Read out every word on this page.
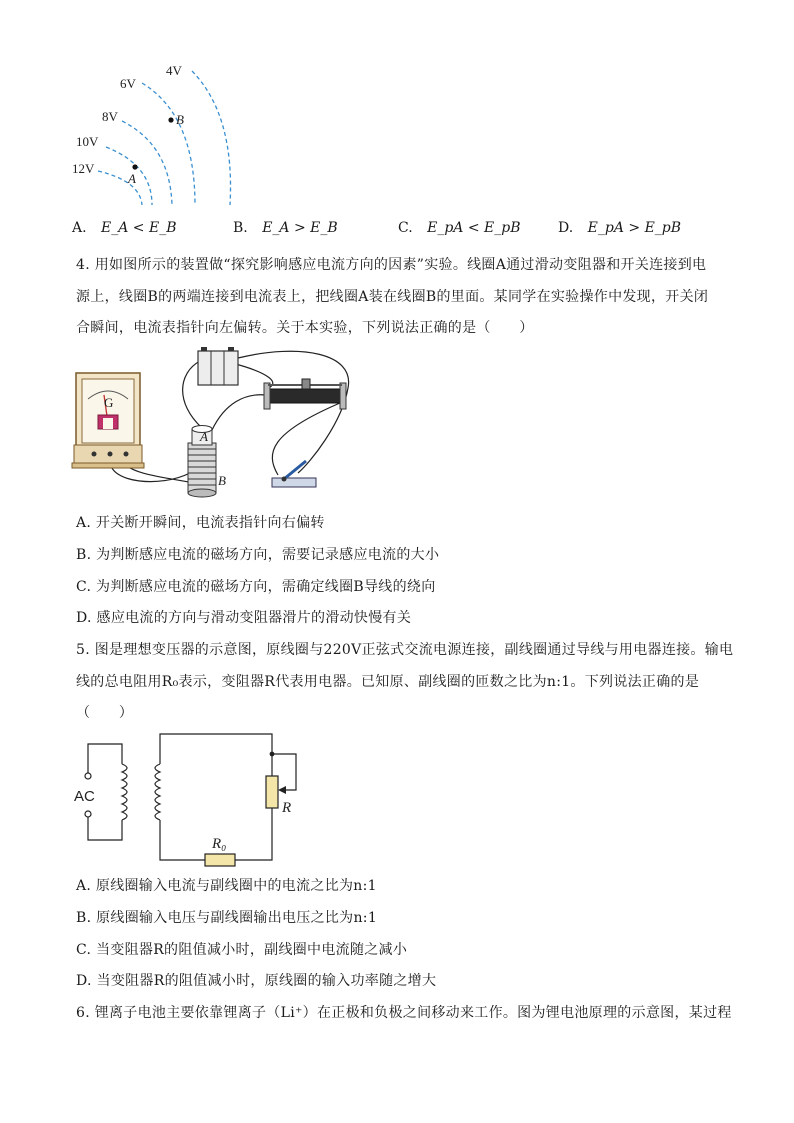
4V
6V
8V
10V
12V
B
A
A. E_A < E_B	B. E_A > E_B	C. E_pA < E_pB	D. E_pA > E_pB
4. 用如图所示的装置做“探究影响感应电流方向的因素”实验。线圈A通过滑动变阻器和开关连接到电
源上，线圈B的两端连接到电流表上，把线圈A装在线圈B的里面。某同学在实验操作中发现，开关闭
合瞬间，电流表指针向左偏转。关于本实验，下列说法正确的是（　　）
G
A
B
A. 开关断开瞬间，电流表指针向右偏转
B. 为判断感应电流的磁场方向，需要记录感应电流的大小
C. 为判断感应电流的磁场方向，需确定线圈B导线的绕向
D. 感应电流的方向与滑动变阻器滑片的滑动快慢有关
5. 图是理想变压器的示意图，原线圈与220V正弦式交流电源连接，副线圈通过导线与用电器连接。输电
线的总电阻用R₀表示，变阻器R代表用电器。已知原、副线圈的匝数之比为n:1。下列说法正确的是
（　　）
AC
R
R₀
A. 原线圈输入电流与副线圈中的电流之比为n:1
B. 原线圈输入电压与副线圈输出电压之比为n:1
C. 当变阻器R的阻值减小时，副线圈中电流随之减小
D. 当变阻器R的阻值减小时，原线圈的输入功率随之增大
6. 锂离子电池主要依靠锂离子（Li⁺）在正极和负极之间移动来工作。图为锂电池原理的示意图，某过程
